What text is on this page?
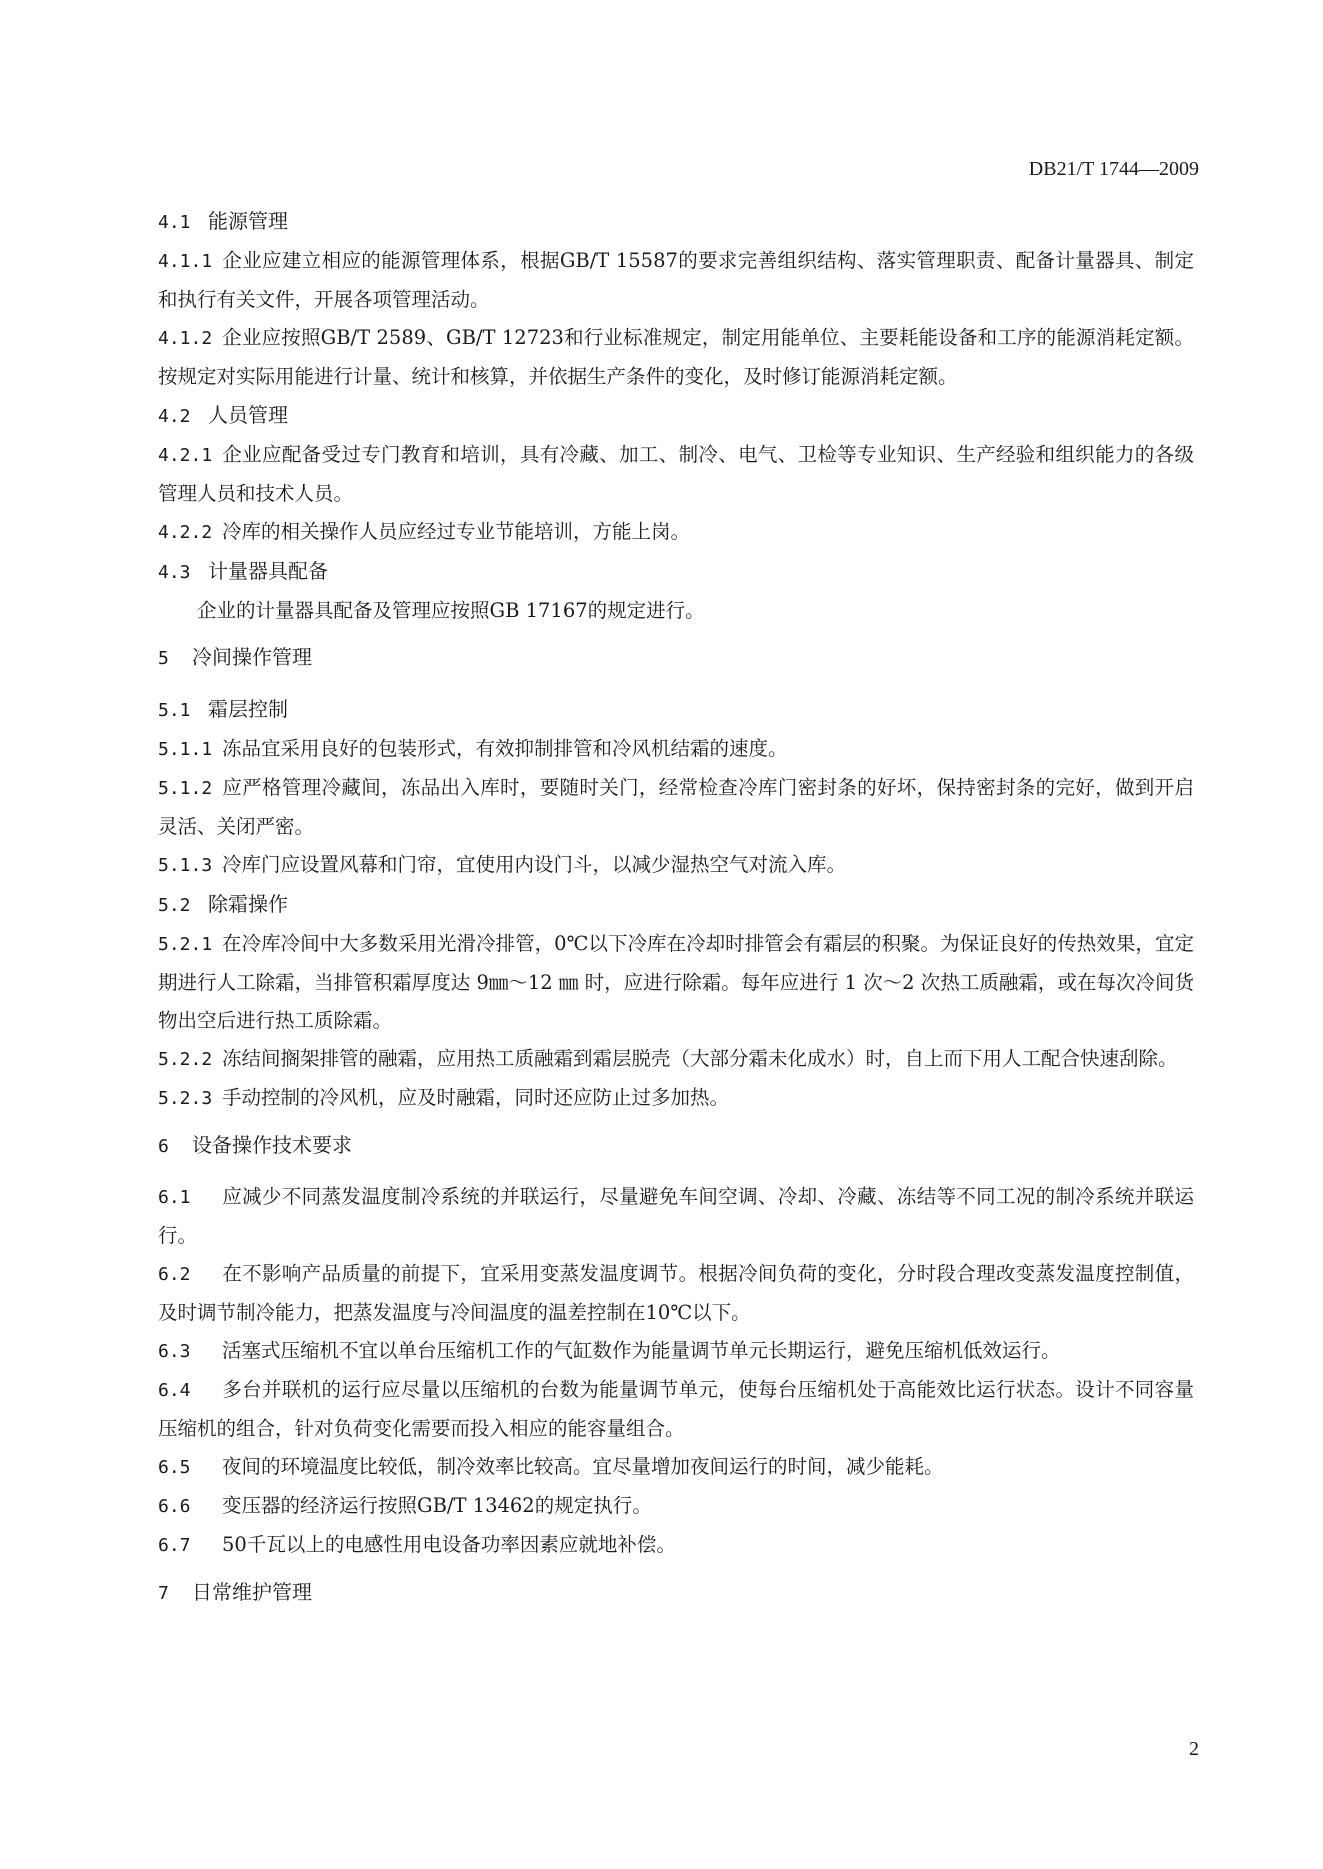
DB21/T 1744—2009
4.1 能源管理
4.1.1 企业应建立相应的能源管理体系，根据GB/T 15587的要求完善组织结构、落实管理职责、配备计量器具、制定和执行有关文件，开展各项管理活动。
4.1.2 企业应按照GB/T 2589、GB/T 12723和行业标准规定，制定用能单位、主要耗能设备和工序的能源消耗定额。按规定对实际用能进行计量、统计和核算，并依据生产条件的变化，及时修订能源消耗定额。
4.2 人员管理
4.2.1 企业应配备受过专门教育和培训，具有冷藏、加工、制冷、电气、卫检等专业知识、生产经验和组织能力的各级管理人员和技术人员。
4.2.2 冷库的相关操作人员应经过专业节能培训，方能上岗。
4.3 计量器具配备
企业的计量器具配备及管理应按照GB 17167的规定进行。
5 冷间操作管理
5.1 霜层控制
5.1.1 冻品宜采用良好的包装形式，有效抑制排管和冷风机结霜的速度。
5.1.2 应严格管理冷藏间，冻品出入库时，要随时关门，经常检查冷库门密封条的好坏，保持密封条的完好，做到开启灵活、关闭严密。
5.1.3 冷库门应设置风幕和门帘，宜使用内设门斗，以减少湿热空气对流入库。
5.2 除霜操作
5.2.1 在冷库冷间中大多数采用光滑冷排管，0℃以下冷库在冷却时排管会有霜层的积聚。为保证良好的传热效果，宜定期进行人工除霜，当排管积霜厚度达 9㎜～12 ㎜ 时，应进行除霜。每年应进行 1 次～2 次热工质融霜，或在每次冷间货物出空后进行热工质除霜。
5.2.2 冻结间搁架排管的融霜，应用热工质融霜到霜层脱壳（大部分霜未化成水）时，自上而下用人工配合快速刮除。
5.2.3 手动控制的冷风机，应及时融霜，同时还应防止过多加热。
6 设备操作技术要求
6.1 应减少不同蒸发温度制冷系统的并联运行，尽量避免车间空调、冷却、冷藏、冻结等不同工况的制冷系统并联运行。
6.2 在不影响产品质量的前提下，宜采用变蒸发温度调节。根据冷间负荷的变化，分时段合理改变蒸发温度控制值，及时调节制冷能力，把蒸发温度与冷间温度的温差控制在10℃以下。
6.3 活塞式压缩机不宜以单台压缩机工作的气缸数作为能量调节单元长期运行，避免压缩机低效运行。
6.4 多台并联机的运行应尽量以压缩机的台数为能量调节单元，使每台压缩机处于高能效比运行状态。设计不同容量压缩机的组合，针对负荷变化需要而投入相应的能容量组合。
6.5 夜间的环境温度比较低，制冷效率比较高。宜尽量增加夜间运行的时间，减少能耗。
6.6 变压器的经济运行按照GB/T 13462的规定执行。
6.7 50千瓦以上的电感性用电设备功率因素应就地补偿。
7 日常维护管理
2
